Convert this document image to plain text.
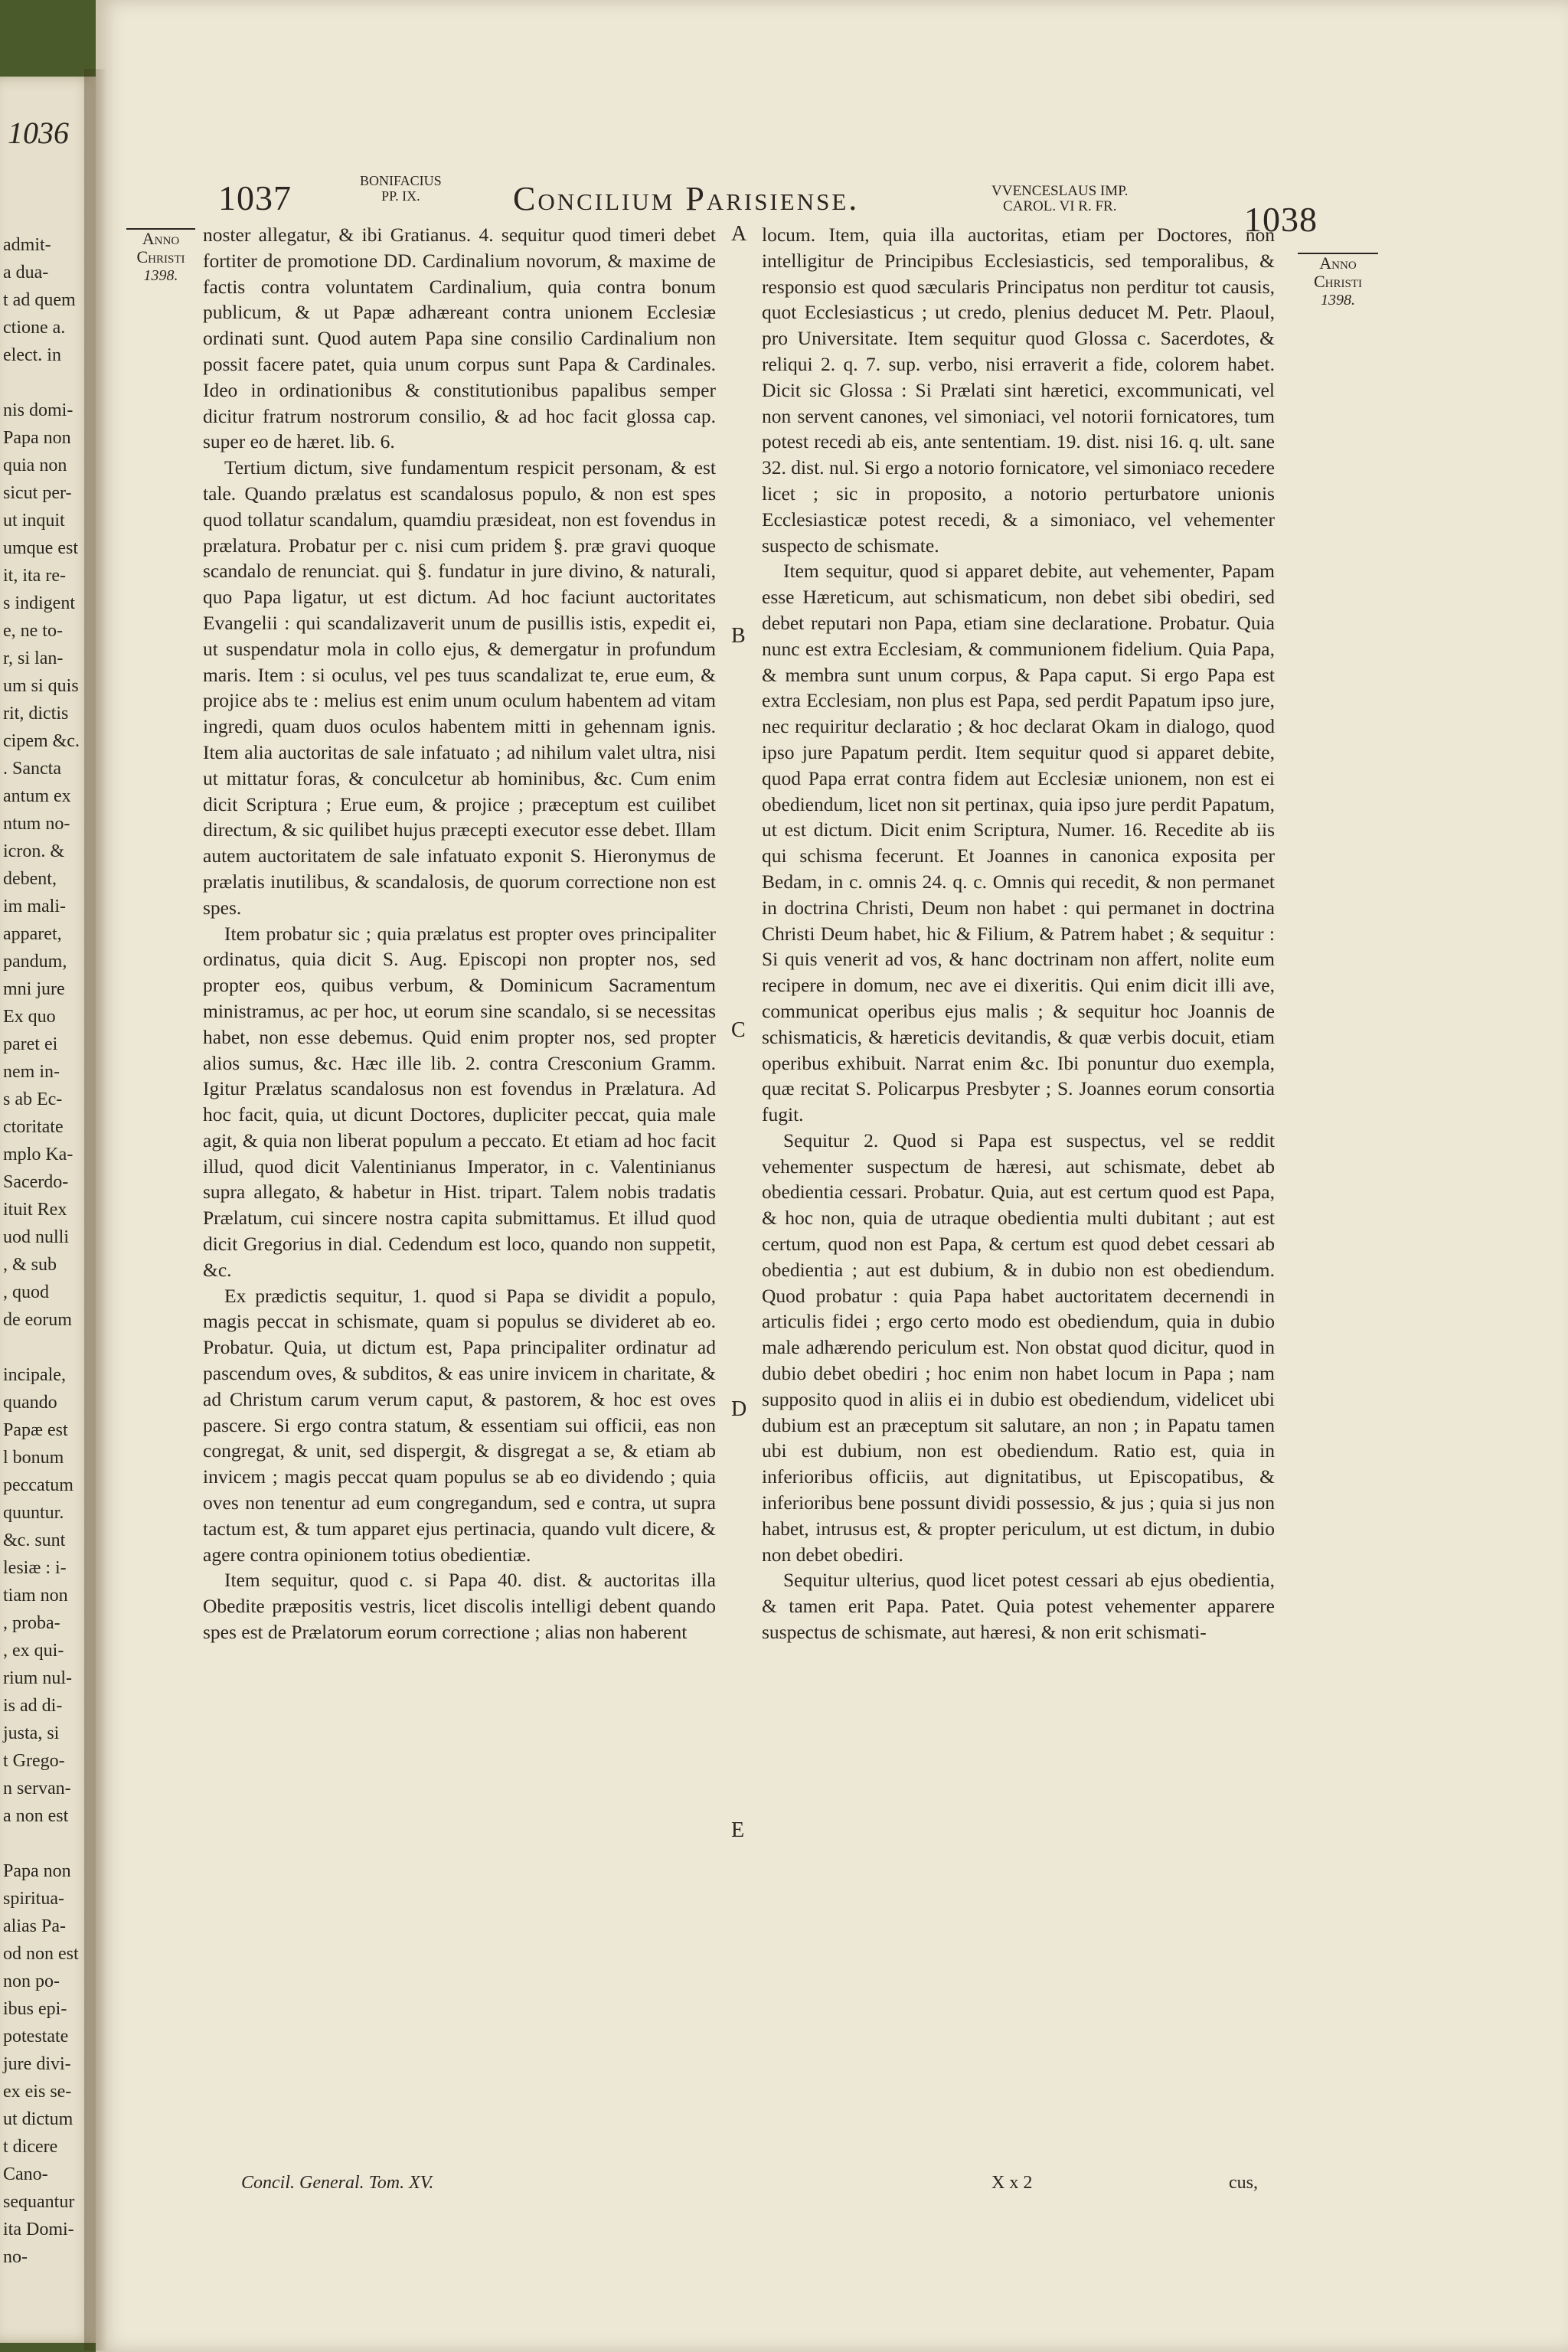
1036
admit-
a dua-
t ad quem
ctione a.
elect. in
nis domi-
Papa non
quia non
sicut per-
ut inquit
umque est
it, ita re-
s indigent
e, ne to-
r, si lan-
um si quis
rit, dictis
cipem &c.
. Sancta
antum ex
ntum no-
icron. &
debent,
im mali-
apparet,
pandum,
mni jure
Ex quo
paret ei
nem in-
s ab Ec-
ctoritate
mplo Ka-
Sacerdo-
ituit Rex
uod nulli
, & sub
, quod
de eorum
incipale,
quando
Papæ est
l bonum
peccatum
quuntur.
&c. sunt
lesiæ : i-
tiam non
, proba-
, ex qui-
rium nul-
is ad di-
justa, si
t Grego-
n servan-
a non est
Papa non
spiritua-
alias Pa-
od non est
non po-
ibus epi-
potestate
jure divi-
ex eis se-
ut dictum
t dicere
Cano-
sequantur
ita Domi-
no-
1037	BONIFACIUS
PP. IX.	Concilium Parisiense.	VVENCESLAUS IMP.
CAROL. VI R. FR.	1038
Anno
Christi
1398.
Anno
Christi
1398.

noster allegatur, & ibi Gratianus. 4. sequitur quod timeri debet fortiter de promotione DD. Cardinalium novorum, & maxime de factis contra voluntatem Cardinalium, quia contra bonum publicum, & ut Papæ adhæreant contra unionem Ecclesiæ ordinati sunt. Quod autem Papa sine consilio Cardinalium non possit facere patet, quia unum corpus sunt Papa & Cardinales. Ideo in ordinationibus & constitutionibus papalibus semper dicitur fratrum nostrorum consilio, & ad hoc facit glossa cap. super eo de hæret. lib. 6.

Tertium dictum, sive fundamentum respicit personam, & est tale. Quando prælatus est scandalosus populo, & non est spes quod tollatur scandalum, quamdiu præsideat, non est fovendus in prælatura. Probatur per c. nisi cum pridem §. præ gravi quoque scandalo de renunciat. qui §. fundatur in jure divino, & naturali, quo Papa ligatur, ut est dictum. Ad hoc faciunt auctoritates Evangelii : qui scandalizaverit unum de pusillis istis, expedit ei, ut suspendatur mola in collo ejus, & demergatur in profundum maris. Item : si oculus, vel pes tuus scandalizat te, erue eum, & projice abs te : melius est enim unum oculum habentem ad vitam ingredi, quam duos oculos habentem mitti in gehennam ignis. Item alia auctoritas de sale infatuato ; ad nihilum valet ultra, nisi ut mittatur foras, & conculcetur ab hominibus, &c. Cum enim dicit Scriptura ; Erue eum, & projice ; præceptum est cuilibet directum, & sic quilibet hujus præcepti executor esse debet. Illam autem auctoritatem de sale infatuato exponit S. Hieronymus de prælatis inutilibus, & scandalosis, de quorum correctione non est spes.

Item probatur sic ; quia prælatus est propter oves principaliter ordinatus, quia dicit S. Aug. Episcopi non propter nos, sed propter eos, quibus verbum, & Dominicum Sacramentum ministramus, ac per hoc, ut eorum sine scandalo, si se necessitas habet, non esse debemus. Quid enim propter nos, sed propter alios sumus, &c. Hæc ille lib. 2. contra Cresconium Gramm. Igitur Prælatus scandalosus non est fovendus in Prælatura. Ad hoc facit, quia, ut dicunt Doctores, dupliciter peccat, quia male agit, & quia non liberat populum a peccato. Et etiam ad hoc facit illud, quod dicit Valentinianus Imperator, in c. Valentinianus supra allegato, & habetur in Hist. tripart. Talem nobis tradatis Prælatum, cui sincere nostra capita submittamus. Et illud quod dicit Gregorius in dial. Cedendum est loco, quando non suppetit, &c.

Ex prædictis sequitur, 1. quod si Papa se dividit a populo, magis peccat in schismate, quam si populus se divideret ab eo. Probatur. Quia, ut dictum est, Papa principaliter ordinatur ad pascendum oves, & subditos, & eas unire invicem in charitate, & ad Christum carum verum caput, & pastorem, & hoc est oves pascere. Si ergo contra statum, & essentiam sui officii, eas non congregat, & unit, sed dispergit, & disgregat a se, & etiam ab invicem ; magis peccat quam populus se ab eo dividendo ; quia oves non tenentur ad eum congregandum, sed e contra, ut supra tactum est, & tum apparet ejus pertinacia, quando vult dicere, & agere contra opinionem totius obedientiæ.

Item sequitur, quod c. si Papa 40. dist. & auctoritas illa Obedite præpositis vestris, licet discolis intelligi debent quando spes est de Prælatorum eorum correctione ; alias non haberent

A
B
C
D
E

locum. Item, quia illa auctoritas, etiam per Doctores, non intelligitur de Principibus Ecclesiasticis, sed temporalibus, & responsio est quod sæcularis Principatus non perditur tot causis, quot Ecclesiasticus ; ut credo, plenius deducet M. Petr. Plaoul, pro Universitate. Item sequitur quod Glossa c. Sacerdotes, & reliqui 2. q. 7. sup. verbo, nisi erraverit a fide, colorem habet. Dicit sic Glossa : Si Prælati sint hæretici, excommunicati, vel non servent canones, vel simoniaci, vel notorii fornicatores, tum potest recedi ab eis, ante sententiam. 19. dist. nisi 16. q. ult. sane 32. dist. nul. Si ergo a notorio fornicatore, vel simoniaco recedere licet ; sic in proposito, a notorio perturbatore unionis Ecclesiasticæ potest recedi, & a simoniaco, vel vehementer suspecto de schismate.

Item sequitur, quod si apparet debite, aut vehementer, Papam esse Hæreticum, aut schismaticum, non debet sibi obediri, sed debet reputari non Papa, etiam sine declaratione. Probatur. Quia nunc est extra Ecclesiam, & communionem fidelium. Quia Papa, & membra sunt unum corpus, & Papa caput. Si ergo Papa est extra Ecclesiam, non plus est Papa, sed perdit Papatum ipso jure, nec requiritur declaratio ; & hoc declarat Okam in dialogo, quod ipso jure Papatum perdit. Item sequitur quod si apparet debite, quod Papa errat contra fidem aut Ecclesiæ unionem, non est ei obediendum, licet non sit pertinax, quia ipso jure perdit Papatum, ut est dictum. Dicit enim Scriptura, Numer. 16. Recedite ab iis qui schisma fecerunt. Et Joannes in canonica exposita per Bedam, in c. omnis 24. q. c. Omnis qui recedit, & non permanet in doctrina Christi, Deum non habet : qui permanet in doctrina Christi Deum habet, hic & Filium, & Patrem habet ; & sequitur : Si quis venerit ad vos, & hanc doctrinam non affert, nolite eum recipere in domum, nec ave ei dixeritis. Qui enim dicit illi ave, communicat operibus ejus malis ; & sequitur hoc Joannis de schismaticis, & hæreticis devitandis, & quæ verbis docuit, etiam operibus exhibuit. Narrat enim &c. Ibi ponuntur duo exempla, quæ recitat S. Policarpus Presbyter ; S. Joannes eorum consortia fugit.

Sequitur 2. Quod si Papa est suspectus, vel se reddit vehementer suspectum de hæresi, aut schismate, debet ab obedientia cessari. Probatur. Quia, aut est certum quod est Papa, & hoc non, quia de utraque obedientia multi dubitant ; aut est certum, quod non est Papa, & certum est quod debet cessari ab obedientia ; aut est dubium, & in dubio non est obediendum. Quod probatur : quia Papa habet auctoritatem decernendi in articulis fidei ; ergo certo modo est obediendum, quia in dubio male adhærendo periculum est. Non obstat quod dicitur, quod in dubio debet obediri ; hoc enim non habet locum in Papa ; nam supposito quod in aliis ei in dubio est obediendum, videlicet ubi dubium est an præceptum sit salutare, an non ; in Papatu tamen ubi est dubium, non est obediendum. Ratio est, quia in inferioribus officiis, aut dignitatibus, ut Episcopatibus, & inferioribus bene possunt dividi possessio, & jus ; quia si jus non habet, intrusus est, & propter periculum, ut est dictum, in dubio non debet obediri.

Sequitur ulterius, quod licet potest cessari ab ejus obedientia, & tamen erit Papa. Patet. Quia potest vehementer apparere suspectus de schismate, aut hæresi, & non erit schismati-

Concil. General. Tom. XV.	X x 2	cus,
